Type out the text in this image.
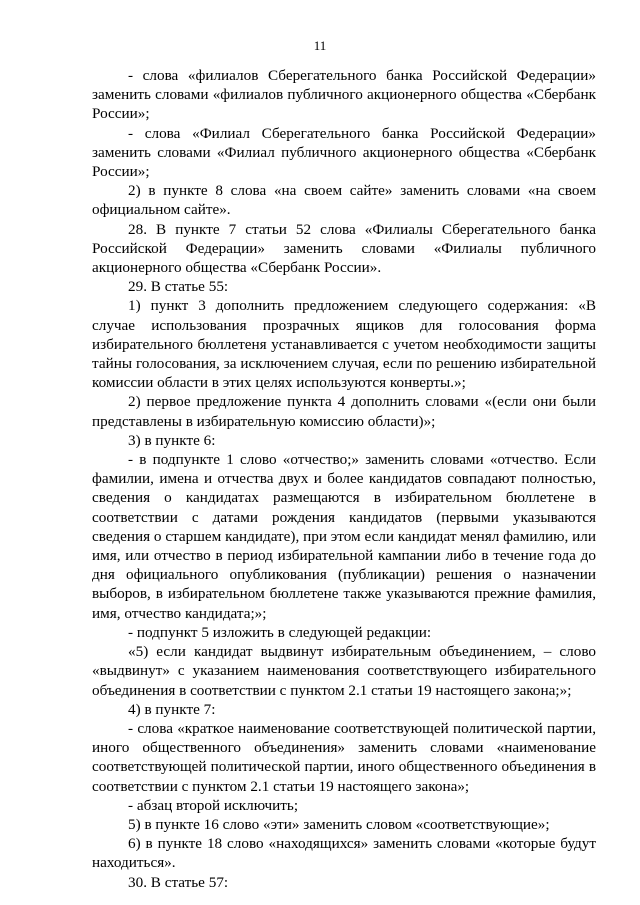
11

- слова «филиалов Сберегательного банка Российской Федерации» заменить словами «филиалов публичного акционерного общества «Сбербанк России»;

- слова «Филиал Сберегательного банка Российской Федерации» заменить словами «Филиал публичного акционерного общества «Сбербанк России»;

2) в пункте 8 слова «на своем сайте» заменить словами «на своем официальном сайте».

28. В пункте 7 статьи 52 слова «Филиалы Сберегательного банка Российской Федерации» заменить словами «Филиалы публичного акционерного общества «Сбербанк России».

29. В статье 55:

1) пункт 3 дополнить предложением следующего содержания: «В случае использования прозрачных ящиков для голосования форма избирательного бюллетеня устанавливается с учетом необходимости защиты тайны голосования, за исключением случая, если по решению избирательной комиссии области в этих целях используются конверты.»;

2) первое предложение пункта 4 дополнить словами «(если они были представлены в избирательную комиссию области)»;

3) в пункте 6:

- в подпункте 1 слово «отчество;» заменить словами «отчество. Если фамилии, имена и отчества двух и более кандидатов совпадают полностью, сведения о кандидатах размещаются в избирательном бюллетене в соответствии с датами рождения кандидатов (первыми указываются сведения о старшем кандидате), при этом если кандидат менял фамилию, или имя, или отчество в период избирательной кампании либо в течение года до дня официального опубликования (публикации) решения о назначении выборов, в избирательном бюллетене также указываются прежние фамилия, имя, отчество кандидата;»;

- подпункт 5 изложить в следующей редакции:

«5) если кандидат выдвинут избирательным объединением, – слово «выдвинут» с указанием наименования соответствующего избирательного объединения в соответствии с пунктом 2.1 статьи 19 настоящего закона;»;

4) в пункте 7:

- слова «краткое наименование соответствующей политической партии, иного общественного объединения» заменить словами «наименование соответствующей политической партии, иного общественного объединения в соответствии с пунктом 2.1 статьи 19 настоящего закона»;

- абзац второй исключить;

5) в пункте 16 слово «эти» заменить словом «соответствующие»;

6) в пункте 18 слово «находящихся» заменить словами «которые будут находиться».

30. В статье 57:
